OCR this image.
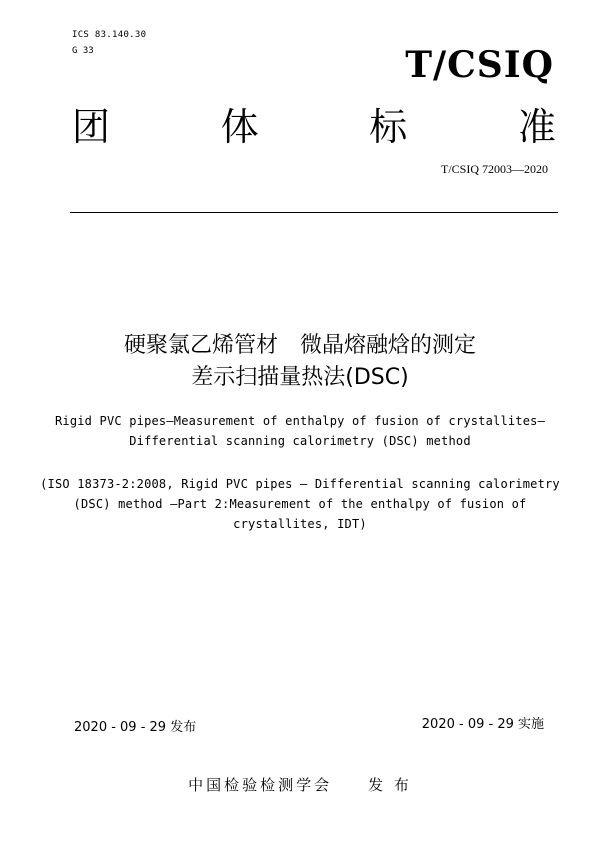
ICS 83.140.30
G 33	T/CSIQ
团	体	标	准
T/CSIQ 72003—2020
硬聚氯乙烯管材　微晶熔融焓的测定
差示扫描量热法(DSC)
Rigid PVC pipes—Measurement of enthalpy of fusion of crystallites—
Differential scanning calorimetry (DSC) method
(ISO 18373-2:2008, Rigid PVC pipes — Differential scanning calorimetry
(DSC) method —Part 2:Measurement of the enthalpy of fusion of
crystallites, IDT)
2020 - 09 - 29 发布	2020 - 09 - 29 实施
中国检验检测学会　　发 布
